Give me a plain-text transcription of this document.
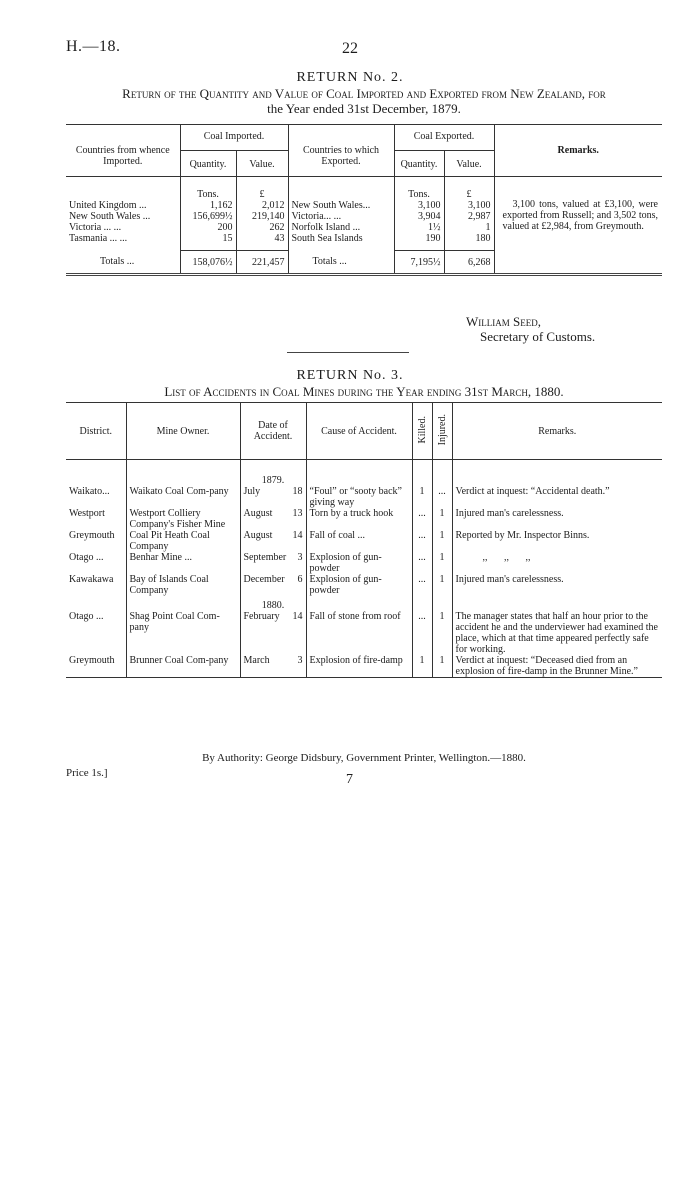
H.—18.	22
RETURN No. 2.
Return of the Quantity and Value of Coal Imported and Exported from New Zealand, for
the Year ended 31st December, 1879.
Countries from whence Imported.	Coal Imported.		Countries to which Exported.	Coal Exported.		Remarks.
	Quantity.	Value.		Quantity.	Value.	
	Tons.	£		Tons.	£	3,100 tons, valued at £3,100, were exported from Russell; and 3,502 tons, valued at £2,984, from Greymouth.
United Kingdom ...	1,162	2,012	New South Wales...	3,100	3,100	
New South Wales ...	156,699½	219,140	Victoria... ...	3,904	2,987	
Victoria ... ...	200	262	Norfolk Island ...	1½	1	
Tasmania ... ...	15	43	South Sea Islands	190	180	
Totals ...	158,076½	221,457	Totals ...	7,195½	6,268	
William Seed,
Secretary of Customs.
RETURN No. 3.
List of Accidents in Coal Mines during the Year ending 31st March, 1880.
District.	Mine Owner.	Date of Accident.	Cause of Accident.	Killed.	Injured.	Remarks.
		1879.				
Waikato...	Waikato Coal Com-pany	July 18	“Foul” or “sooty back” giving way	1	...	Verdict at inquest: “Accidental death.”
Westport	Westport Colliery Company's Fisher Mine	August 13	Torn by a truck hook	...	1	Injured man's carelessness.
Greymouth	Coal Pit Heath Coal Company	August 14	Fall of coal ...	...	1	Reported by Mr. Inspector Binns.
Otago ...	Benhar Mine ...	September 3	Explosion of gun-powder	...	1	,, ,, ,,
Kawakawa	Bay of Islands Coal Company	December 6	Explosion of gun-powder	...	1	Injured man's carelessness.
		1880.				
Otago ...	Shag Point Coal Com-pany	February 14	Fall of stone from roof	...	1	The manager states that half an hour prior to the accident he and the underviewer had examined the place, which at that time appeared perfectly safe for working.
Greymouth	Brunner Coal Com-pany	March 3	Explosion of fire-damp	1	1	Verdict at inquest: “Deceased died from an explosion of fire-damp in the Brunner Mine.”
By Authority: George Didsbury, Government Printer, Wellington.—1880.
Price 1s.]	7
